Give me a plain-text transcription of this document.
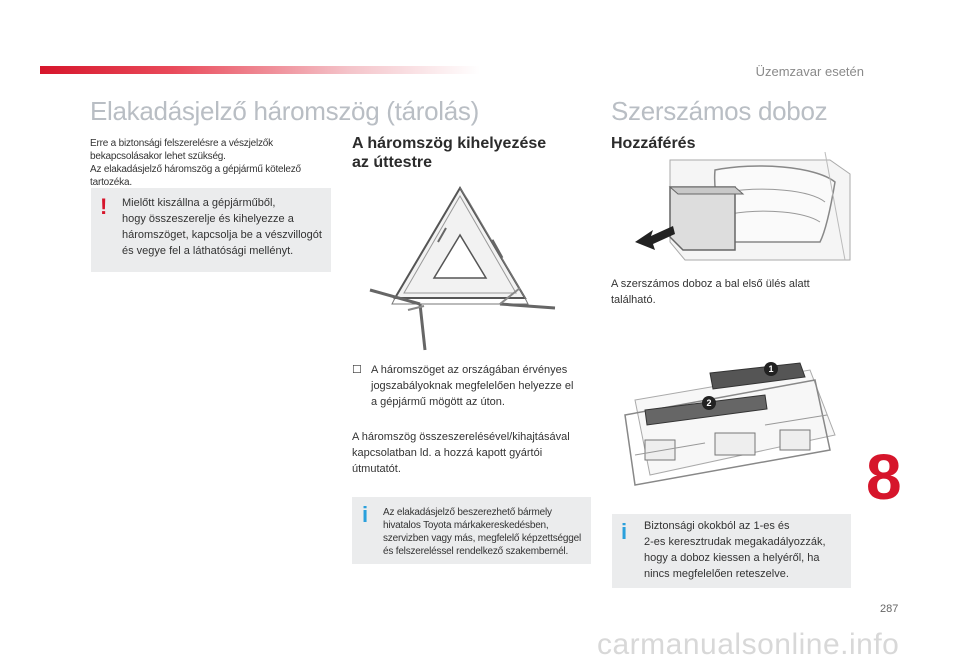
Üzemzavar esetén
Elakadásjelző háromszög (tárolás)

Erre a biztonsági felszerelésre a vészjelzők

bekapcsolásakor lehet szükség.

Az elakadásjelző háromszög a gépjármű kötelező tartozéka.

! Mielőtt kiszállna a gépjárműből,

hogy összeszerelje és kihelyezze a

háromszöget, kapcsolja be a vészvillogót

és vegye fel a láthatósági mellényt.

A háromszög kihelyezése
az úttestre
☐ A háromszöget az országában érvényes

jogszabályoknak megfelelően helyezze el

a gépjármű mögött az úton.

A háromszög összeszerelésével/kihajtásával

kapcsolatban ld. a hozzá kapott gyártói

útmutatót.

i Az elakadásjelző beszerezhető bármely

hivatalos Toyota márkakereskedésben,

szervizben vagy más, megfelelő képzettséggel

és felszereléssel rendelkező szakembernél.

Szerszámos doboz
Hozzáférés

A szerszámos doboz a bal első ülés alatt

található.

1
2
i Biztonsági okokból az 1-es és

2-es keresztrudak megakadályozzák,

hogy a doboz kiessen a helyéről, ha

nincs megfelelően reteszelve.

8
287
carmanualsonline.info
